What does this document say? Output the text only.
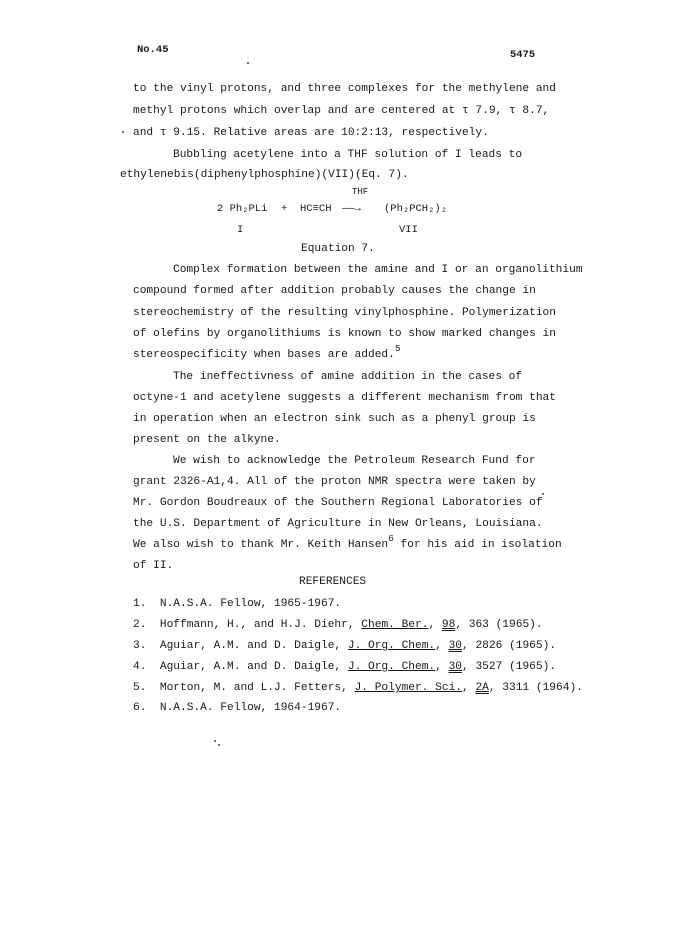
No.45	5475
to the vinyl protons, and three complexes for the methylene and
methyl protons which overlap and are centered at τ 7.9, τ 8.7,
and τ 9.15. Relative areas are 10:2:13, respectively.
Bubbling acetylene into a THF solution of I leads to
ethylenebis(diphenylphosphine)(VII)(Eq. 7).
2 Ph₂PLi + HC≡CH
THF
——→ (Ph₂PCH₂)₂
I	VII
Equation 7.
Complex formation between the amine and I or an organolithium
compound formed after addition probably causes the change in
stereochemistry of the resulting vinylphosphine. Polymerization
of olefins by organolithiums is known to show marked changes in
stereospecificity when bases are added.$^5$
The ineffectivness of amine addition in the cases of
octyne-1 and acetylene suggests a different mechanism from that
in operation when an electron sink such as a phenyl group is
present on the alkyne.
We wish to acknowledge the Petroleum Research Fund for
grant 2326-A1,4. All of the proton NMR spectra were taken by
Mr. Gordon Boudreaux of the Southern Regional Laboratories of
the U.S. Department of Agriculture in New Orleans, Louisiana.
We also wish to thank Mr. Keith Hansen$^6$ for his aid in isolation
of II.
REFERENCES
1. N.A.S.A. Fellow, 1965-1967.
2. Hoffmann, H., and H.J. Diehr, Chem. Ber., 98, 363 (1965).
3. Aguiar, A.M. and D. Daigle, J. Org. Chem., 30, 2826 (1965).
4. Aguiar, A.M. and D. Daigle, J. Org. Chem., 30, 3527 (1965).
5. Morton, M. and L.J. Fetters, J. Polymer. Sci., 2A, 3311 (1964).
6. N.A.S.A. Fellow, 1964-1967.
